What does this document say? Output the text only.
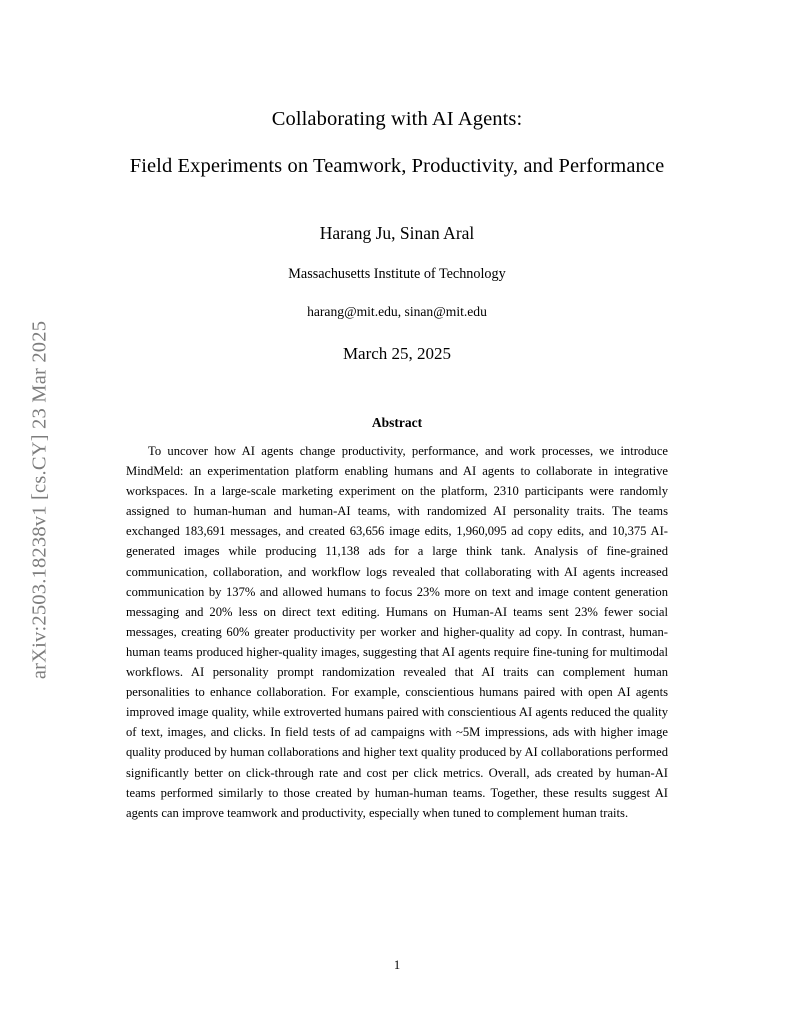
arXiv:2503.18238v1 [cs.CY] 23 Mar 2025
Collaborating with AI Agents:
Field Experiments on Teamwork, Productivity, and Performance
Harang Ju, Sinan Aral
Massachusetts Institute of Technology
harang@mit.edu, sinan@mit.edu
March 25, 2025
Abstract
To uncover how AI agents change productivity, performance, and work processes, we introduce MindMeld: an experimentation platform enabling humans and AI agents to collaborate in integrative workspaces. In a large-scale marketing experiment on the platform, 2310 participants were randomly assigned to human-human and human-AI teams, with randomized AI personality traits. The teams exchanged 183,691 messages, and created 63,656 image edits, 1,960,095 ad copy edits, and 10,375 AI-generated images while producing 11,138 ads for a large think tank. Analysis of fine-grained communication, collaboration, and workflow logs revealed that collaborating with AI agents increased communication by 137% and allowed humans to focus 23% more on text and image content generation messaging and 20% less on direct text editing. Humans on Human-AI teams sent 23% fewer social messages, creating 60% greater productivity per worker and higher-quality ad copy. In contrast, human-human teams produced higher-quality images, suggesting that AI agents require fine-tuning for multimodal workflows. AI personality prompt randomization revealed that AI traits can complement human personalities to enhance collaboration. For example, conscientious humans paired with open AI agents improved image quality, while extroverted humans paired with conscientious AI agents reduced the quality of text, images, and clicks. In field tests of ad campaigns with ~5M impressions, ads with higher image quality produced by human collaborations and higher text quality produced by AI collaborations performed significantly better on click-through rate and cost per click metrics. Overall, ads created by human-AI teams performed similarly to those created by human-human teams. Together, these results suggest AI agents can improve teamwork and productivity, especially when tuned to complement human traits.
1
